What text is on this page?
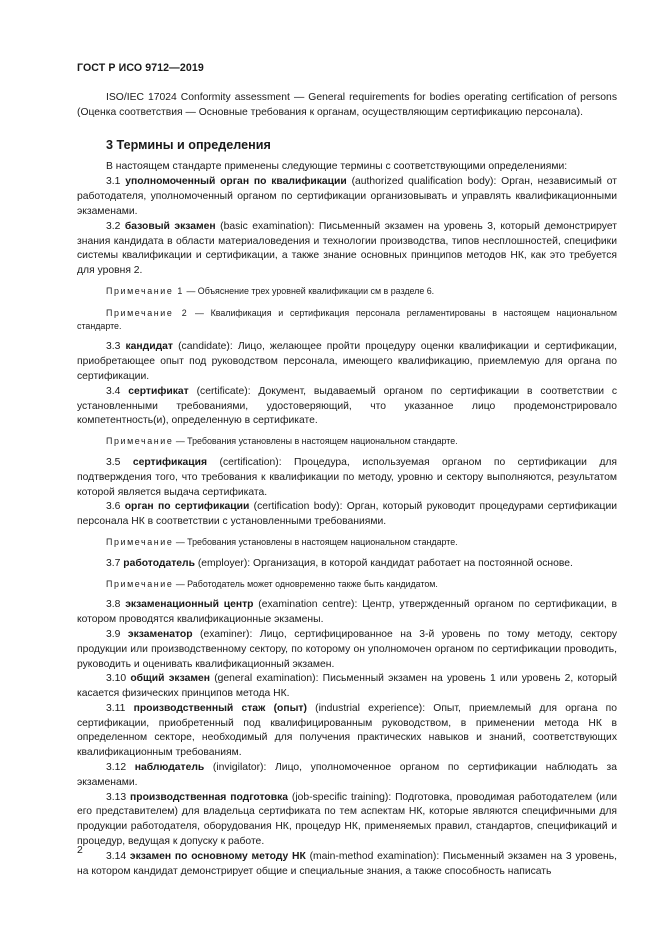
ГОСТ Р ИСО 9712—2019

ISO/IEC 17024 Conformity assessment — General requirements for bodies operating certification of persons (Оценка соответствия — Основные требования к органам, осуществляющим сертификацию персонала).

3 Термины и определения

В настоящем стандарте применены следующие термины с соответствующими определениями:

3.1 уполномоченный орган по квалификации (authorized qualification body): Орган, независимый от работодателя, уполномоченный органом по сертификации организовывать и управлять квалификационными экзаменами.

3.2 базовый экзамен (basic examination): Письменный экзамен на уровень 3, который демонстрирует знания кандидата в области материаловедения и технологии производства, типов несплошностей, специфики системы квалификации и сертификации, а также знание основных принципов методов НК, как это требуется для уровня 2.

Примечание 1 — Объяснение трех уровней квалификации см в разделе 6.

Примечание 2 — Квалификация и сертификация персонала регламентированы в настоящем национальном стандарте.

3.3 кандидат (candidate): Лицо, желающее пройти процедуру оценки квалификации и сертификации, приобретающее опыт под руководством персонала, имеющего квалификацию, приемлемую для органа по сертификации.

3.4 сертификат (certificate): Документ, выдаваемый органом по сертификации в соответствии с установленными требованиями, удостоверяющий, что указанное лицо продемонстрировало компетентность(и), определенную в сертификате.

Примечание — Требования установлены в настоящем национальном стандарте.

3.5 сертификация (certification): Процедура, используемая органом по сертификации для подтверждения того, что требования к квалификации по методу, уровню и сектору выполняются, результатом которой является выдача сертификата.

3.6 орган по сертификации (certification body): Орган, который руководит процедурами сертификации персонала НК в соответствии с установленными требованиями.

Примечание — Требования установлены в настоящем национальном стандарте.

3.7 работодатель (employer): Организация, в которой кандидат работает на постоянной основе.

Примечание — Работодатель может одновременно также быть кандидатом.

3.8 экзаменационный центр (examination centre): Центр, утвержденный органом по сертификации, в котором проводятся квалификационные экзамены.

3.9 экзаменатор (examiner): Лицо, сертифицированное на 3-й уровень по тому методу, сектору продукции или производственному сектору, по которому он уполномочен органом по сертификации проводить, руководить и оценивать квалификационный экзамен.

3.10 общий экзамен (general examination): Письменный экзамен на уровень 1 или уровень 2, который касается физических принципов метода НК.

3.11 производственный стаж (опыт) (industrial experience): Опыт, приемлемый для органа по сертификации, приобретенный под квалифицированным руководством, в применении метода НК в определенном секторе, необходимый для получения практических навыков и знаний, соответствующих квалификационным требованиям.

3.12 наблюдатель (invigilator): Лицо, уполномоченное органом по сертификации наблюдать за экзаменами.

3.13 производственная подготовка (job-specific training): Подготовка, проводимая работодателем (или его представителем) для владельца сертификата по тем аспектам НК, которые являются специфичными для продукции работодателя, оборудования НК, процедур НК, применяемых правил, стандартов, спецификаций и процедур, ведущая к допуску к работе.

3.14 экзамен по основному методу НК (main-method examination): Письменный экзамен на 3 уровень, на котором кандидат демонстрирует общие и специальные знания, а также способность написать

2
